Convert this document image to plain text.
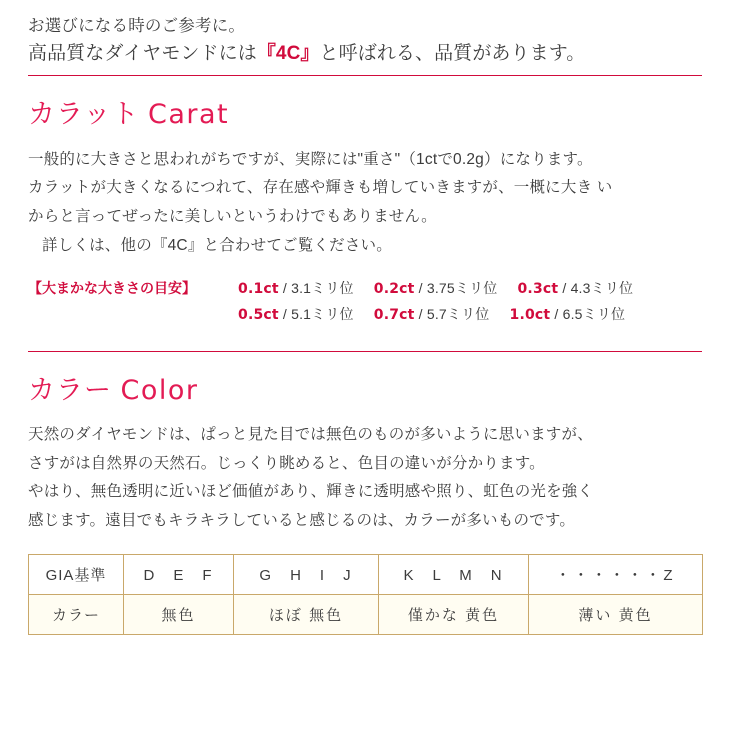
お選びになる時のご参考に。
高品質なダイヤモンドには『4C』と呼ばれる、品質があります。
カラット Carat

一般的に大きさと思われがちですが、実際には"重さ"（1ctで0.2g）になります。

カラットが大きくなるにつれて、存在感や輝きも増していきますが、一概に大き い

からと言ってぜったに美しいというわけでもありません。

詳しくは、他の『4C』と合わせてご覧ください。

【大まかな大きさの目安】	0.1ct / 3.1ミリ位 0.2ct / 3.75ミリ位 0.3ct / 4.3ミリ位
0.5ct / 5.1ミリ位 0.7ct / 5.7ミリ位 1.0ct / 6.5ミリ位
カラー Color

天然のダイヤモンドは、ぱっと見た目では無色のものが多いように思いますが、

さすがは自然界の天然石。じっくり眺めると、色目の違いが分かります。

やはり、無色透明に近いほど価値があり、輝きに透明感や照り、虹色の光を強く

感じます。遠目でもキラキラしていると感じるのは、カラーが多いものです。

GIA基準	D　E　F	G　H　I　J	K　L　M　N	・・・・・・Z
カラー	無色	ほぼ 無色	僅かな 黄色	薄い 黄色
